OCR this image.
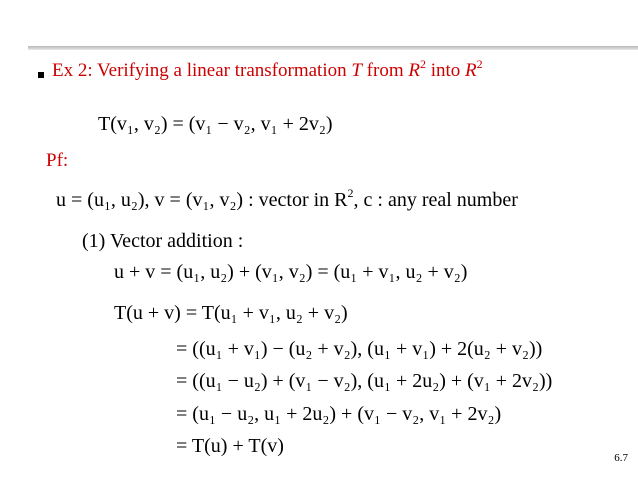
Ex 2: Verifying a linear transformation T from $R^2$ into $R^2$
T(v₁, v₂) = (v₁ − v₂, v₁ + 2v₂)
Pf:
u = (u₁, u₂), v = (v₁, v₂) : vector in $R^2$, c : any real number
(1) Vector addition :
u + v = (u₁, u₂) + (v₁, v₂) = (u₁ + v₁, u₂ + v₂)
T(u + v) = T(u₁ + v₁, u₂ + v₂)
= ((u₁ + v₁) − (u₂ + v₂), (u₁ + v₁) + 2(u₂ + v₂))
= ((u₁ − u₂) + (v₁ − v₂), (u₁ + 2u₂) + (v₁ + 2v₂))
= (u₁ − u₂, u₁ + 2u₂) + (v₁ − v₂, v₁ + 2v₂)
= T(u) + T(v)
6.7
